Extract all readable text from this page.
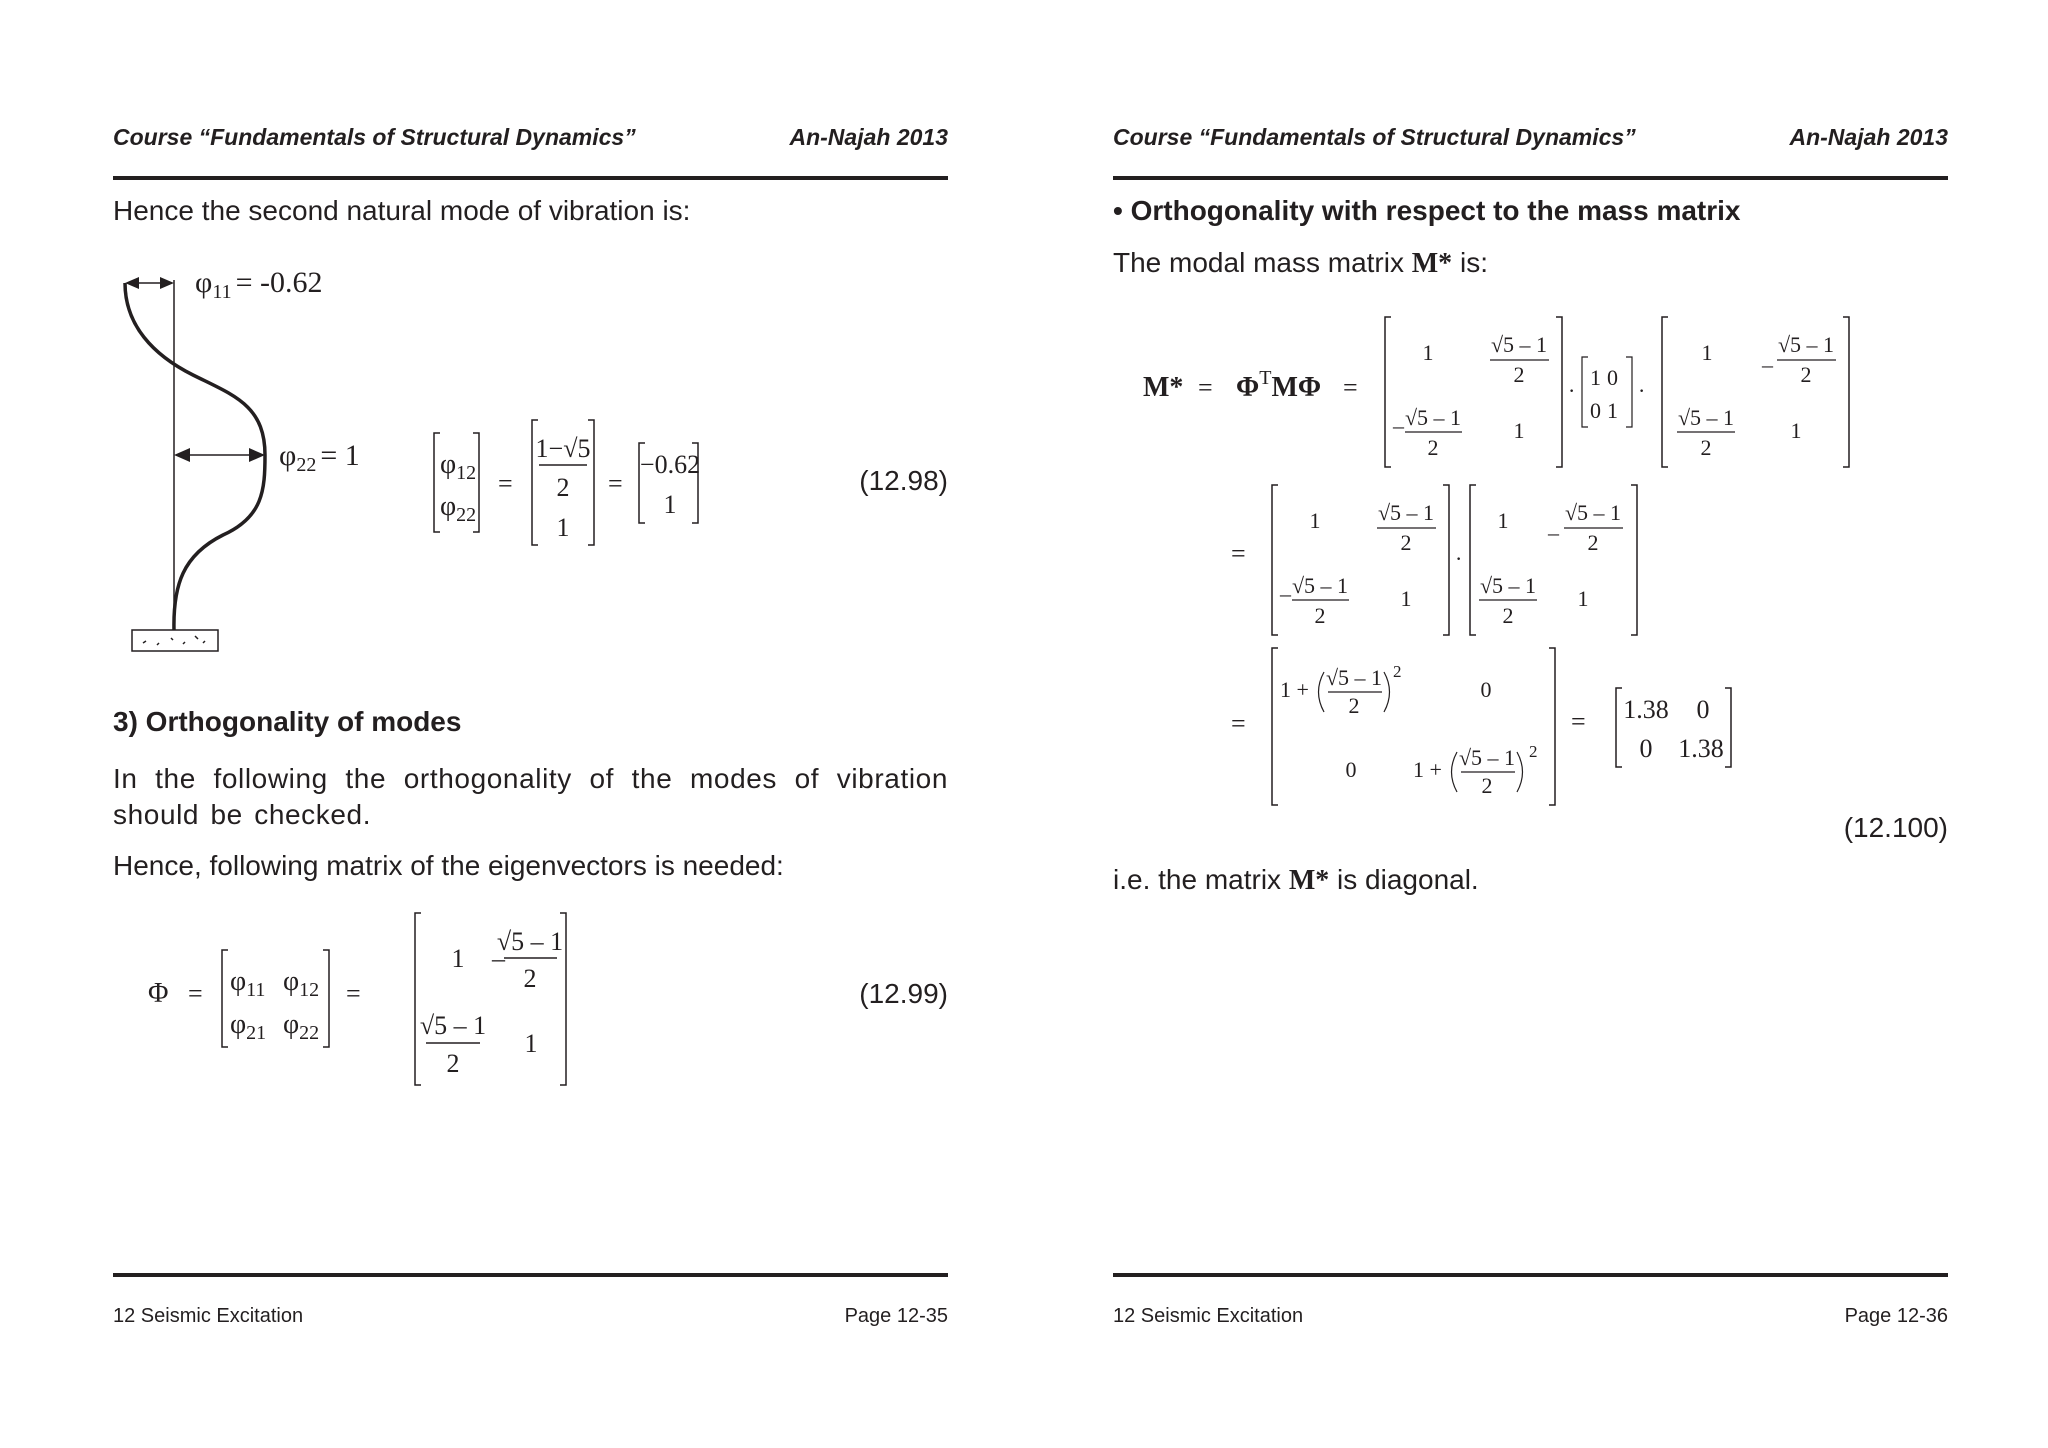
Course “Fundamentals of Structural Dynamics”	An-Najah 2013
Hence the second natural mode of vibration is:
$\varphi_{11} = -0.62$
$\varphi_{22} = 1$	$\varphi_{12}$
$\varphi_{22}$
=
1−√5
2
1
=
−0.62
1
(12.98)
3) Orthogonality of modes
In the following the orthogonality of the modes of vibration should be checked.
Hence, following matrix of the eigenvectors is needed:
$\Phi = \varphi_{11}$ $\varphi_{12}$
$\varphi_{21}$ $\varphi_{22}$
=
1 –
√5 – 1
2
√5 – 1
2
1
(12.99)
12 Seismic Excitation	Page 12-35
Course “Fundamentals of Structural Dynamics”	An-Najah 2013
• Orthogonality with respect to the mass matrix
The modal mass matrix M* is:
$M* = \Phi^TM\Phi$ =
1	√5 – 1
2
– √5 – 1
2
1
·
1 0
0 1
·
1 –
√5 – 1
2
√5 – 1
2
1
=
1	√5 – 1
2
– √5 – 1
2
1
·
1 –
√5 – 1
2
√5 – 1
2
1
=
1 + √5 – 1
2
2
0
0	1 + √5 – 1
2
2
= 1.38 0
0 1.38
(12.100)
i.e. the matrix M* is diagonal.
12 Seismic Excitation	Page 12-36
